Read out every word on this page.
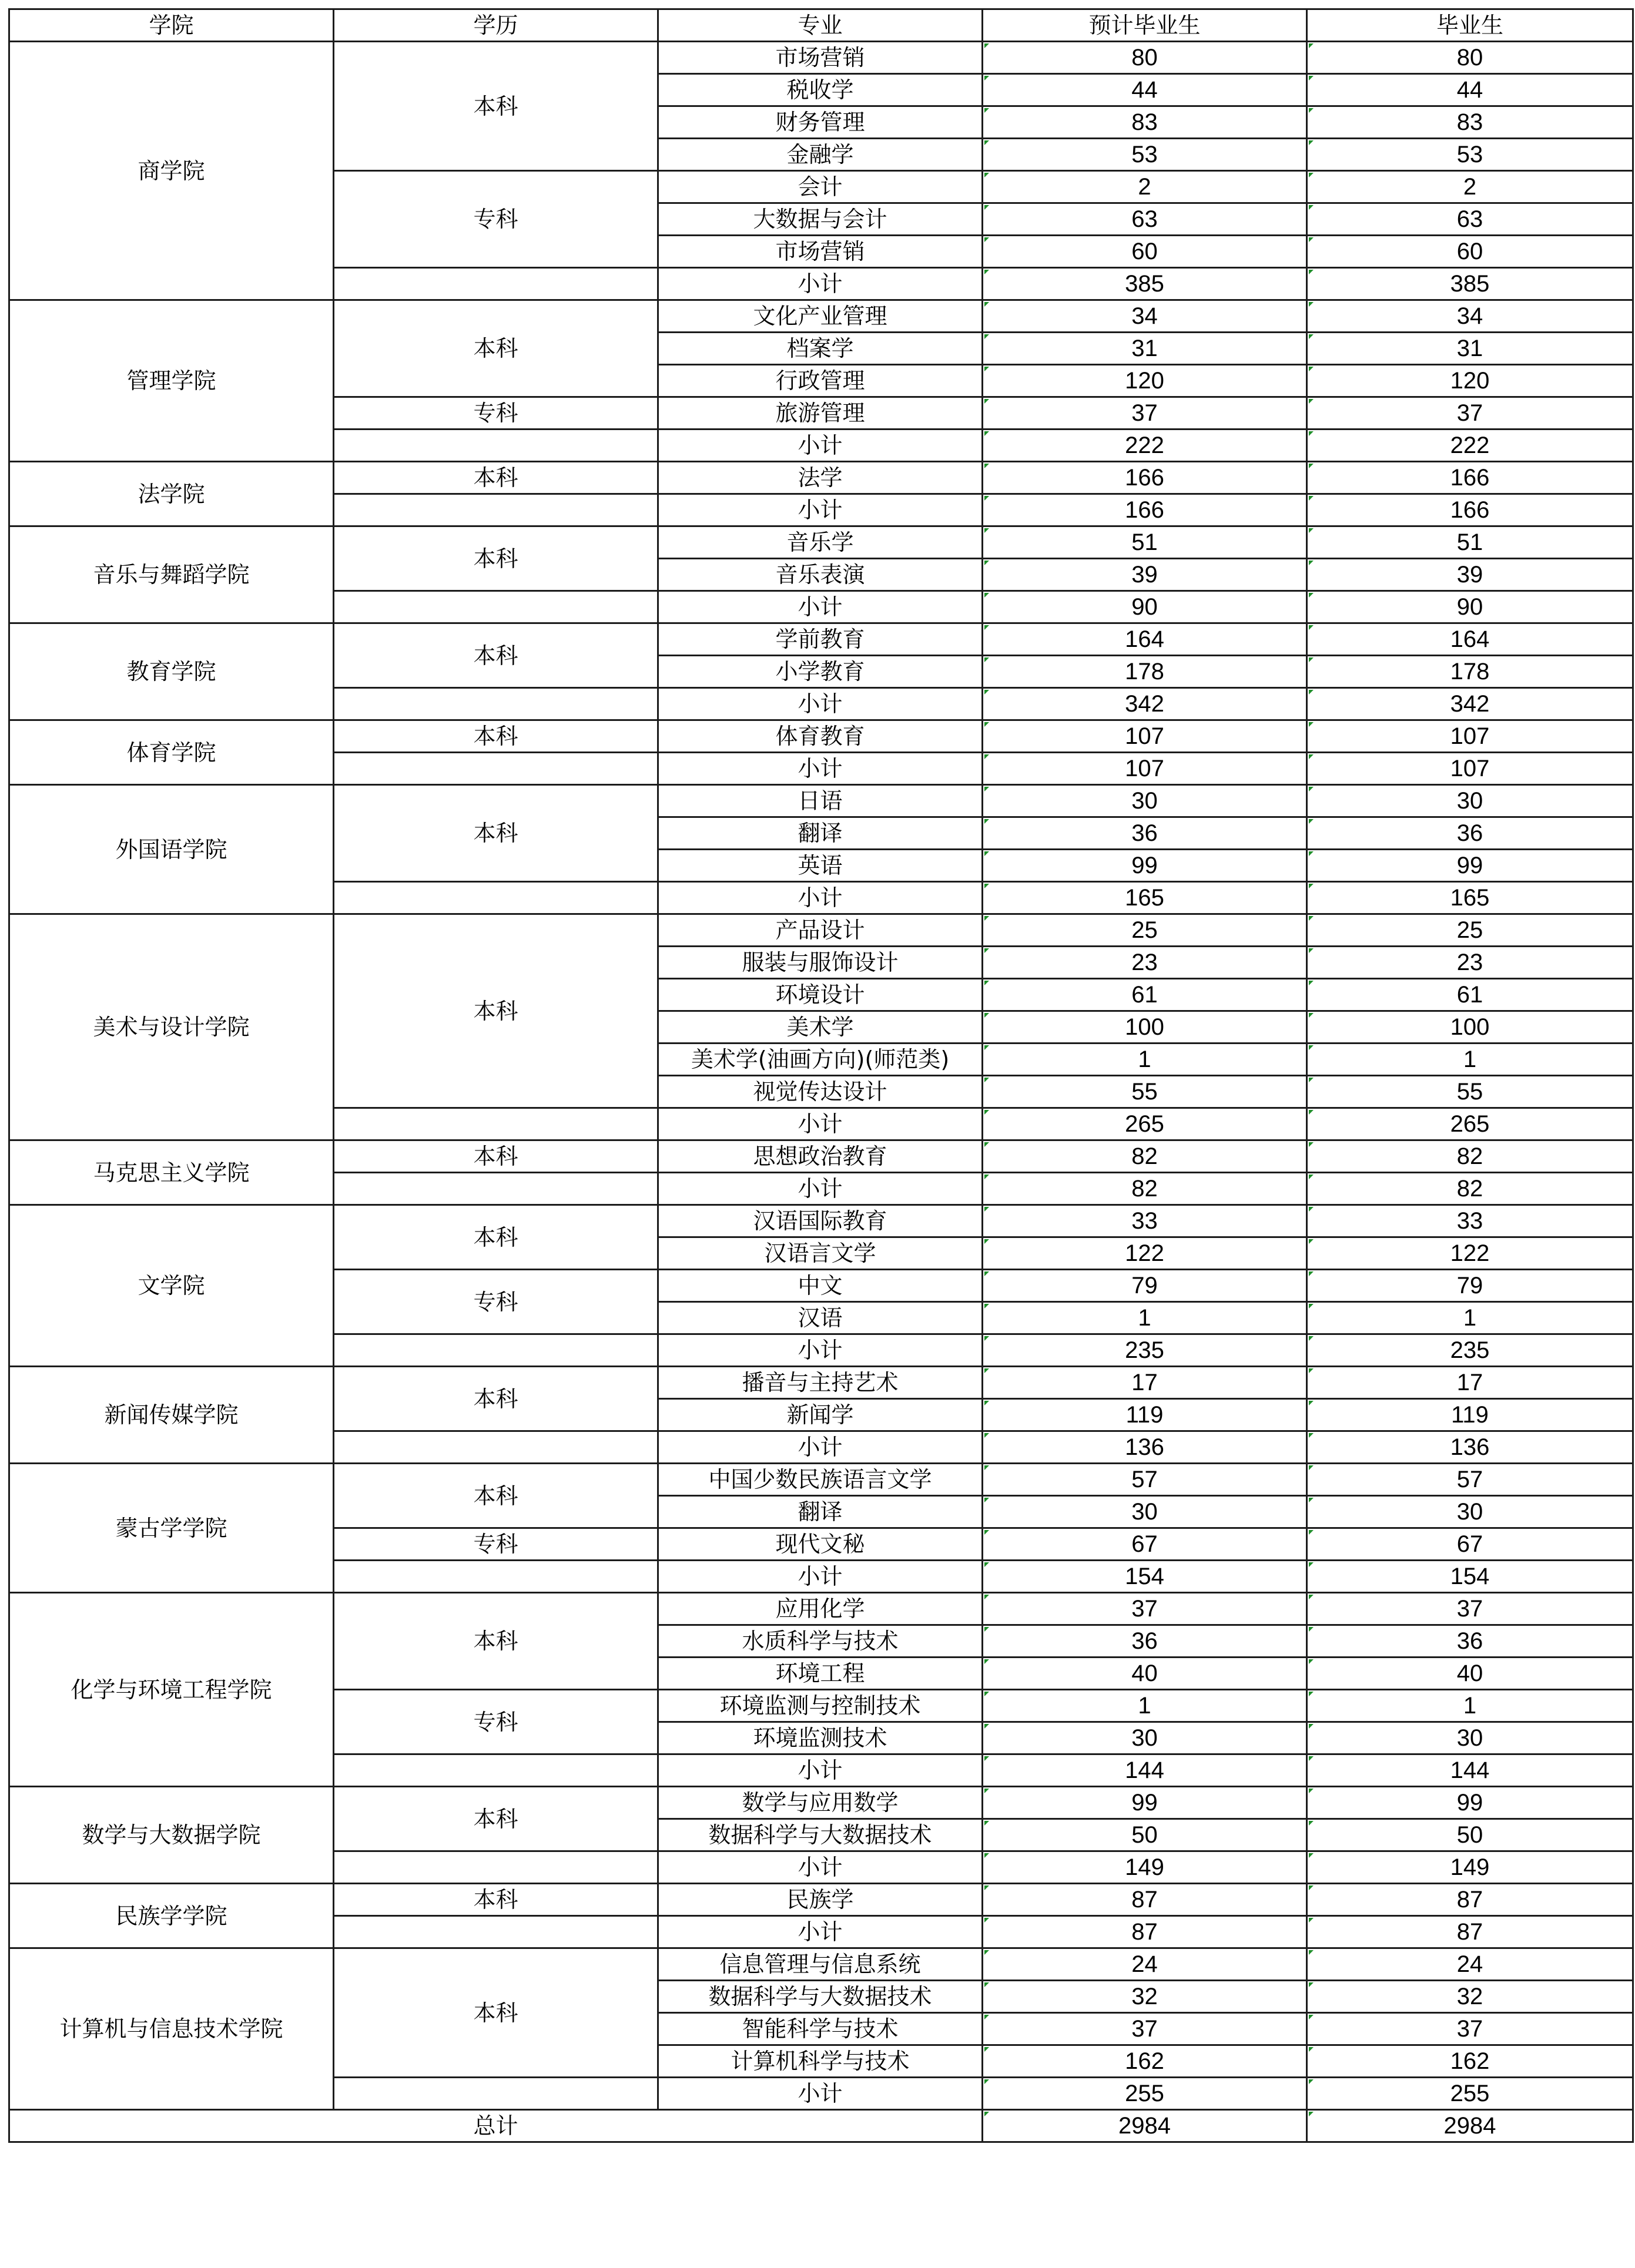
学院	学历	专业	预计毕业生	毕业生
商学院	本科	市场营销	80	80
		税收学	44	44
		财务管理	83	83
		金融学	53	53
	专科	会计	2	2
		大数据与会计	63	63
		市场营销	60	60
		小计	385	385
管理学院	本科	文化产业管理	34	34
		档案学	31	31
		行政管理	120	120
	专科	旅游管理	37	37
		小计	222	222
法学院	本科	法学	166	166
		小计	166	166
音乐与舞蹈学院	本科	音乐学	51	51
		音乐表演	39	39
		小计	90	90
教育学院	本科	学前教育	164	164
		小学教育	178	178
		小计	342	342
体育学院	本科	体育教育	107	107
		小计	107	107
外国语学院	本科	日语	30	30
		翻译	36	36
		英语	99	99
		小计	165	165
美术与设计学院	本科	产品设计	25	25
		服装与服饰设计	23	23
		环境设计	61	61
		美术学	100	100
		美术学(油画方向)(师范类)	1	1
		视觉传达设计	55	55
		小计	265	265
马克思主义学院	本科	思想政治教育	82	82
		小计	82	82
文学院	本科	汉语国际教育	33	33
		汉语言文学	122	122
	专科	中文	79	79
		汉语	1	1
		小计	235	235
新闻传媒学院	本科	播音与主持艺术	17	17
		新闻学	119	119
		小计	136	136
蒙古学学院	本科	中国少数民族语言文学	57	57
		翻译	30	30
	专科	现代文秘	67	67
		小计	154	154
化学与环境工程学院	本科	应用化学	37	37
		水质科学与技术	36	36
		环境工程	40	40
	专科	环境监测与控制技术	1	1
		环境监测技术	30	30
		小计	144	144
数学与大数据学院	本科	数学与应用数学	99	99
		数据科学与大数据技术	50	50
		小计	149	149
民族学学院	本科	民族学	87	87
		小计	87	87
计算机与信息技术学院	本科	信息管理与信息系统	24	24
		数据科学与大数据技术	32	32
		智能科学与技术	37	37
		计算机科学与技术	162	162
		小计	255	255
总计			2984	2984
